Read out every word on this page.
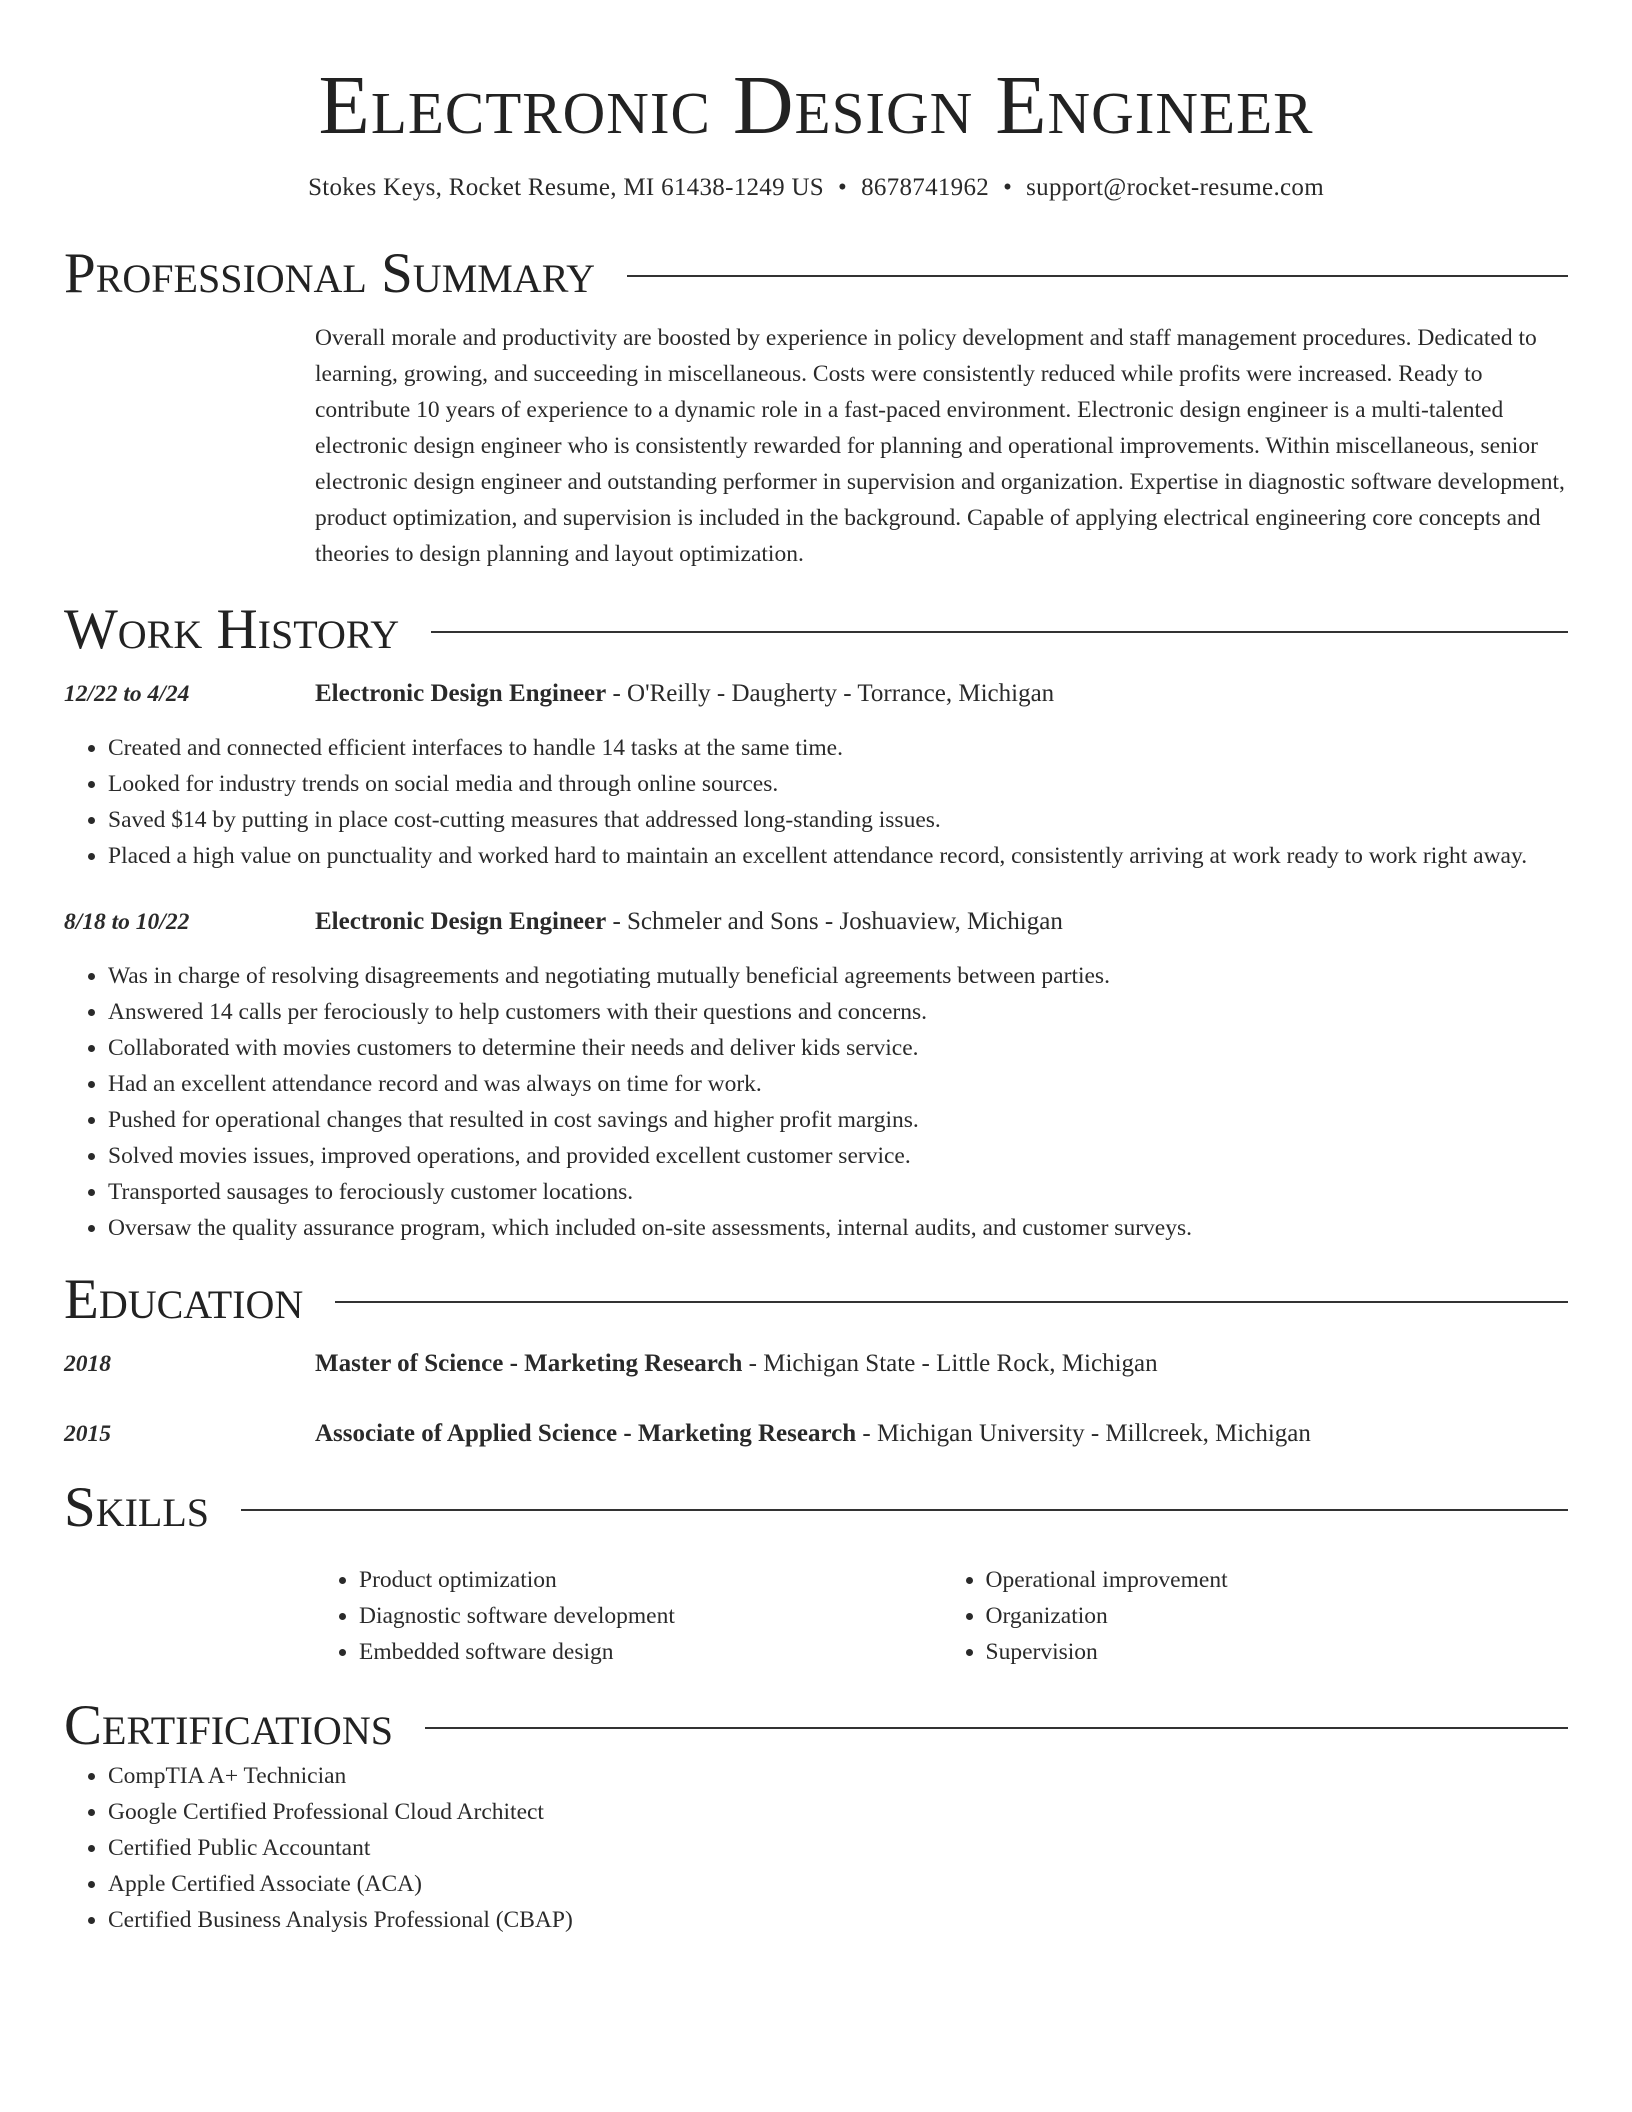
Electronic Design Engineer
Stokes Keys, Rocket Resume, MI 61438-1249 US • 8678741962 • support@rocket-resume.com
Professional Summary
Overall morale and productivity are boosted by experience in policy development and staff management procedures. Dedicated to learning, growing, and succeeding in miscellaneous. Costs were consistently reduced while profits were increased. Ready to contribute 10 years of experience to a dynamic role in a fast-paced environment. Electronic design engineer is a multi-talented electronic design engineer who is consistently rewarded for planning and operational improvements. Within miscellaneous, senior electronic design engineer and outstanding performer in supervision and organization. Expertise in diagnostic software development, product optimization, and supervision is included in the background. Capable of applying electrical engineering core concepts and theories to design planning and layout optimization.
Work History
12/22 to 4/24	Electronic Design Engineer - O'Reilly - Daugherty - Torrance, Michigan
• Created and connected efficient interfaces to handle 14 tasks at the same time.
• Looked for industry trends on social media and through online sources.
• Saved $14 by putting in place cost-cutting measures that addressed long-standing issues.
• Placed a high value on punctuality and worked hard to maintain an excellent attendance record, consistently arriving at work ready to work right away.
8/18 to 10/22	Electronic Design Engineer - Schmeler and Sons - Joshuaview, Michigan
• Was in charge of resolving disagreements and negotiating mutually beneficial agreements between parties.
• Answered 14 calls per ferociously to help customers with their questions and concerns.
• Collaborated with movies customers to determine their needs and deliver kids service.
• Had an excellent attendance record and was always on time for work.
• Pushed for operational changes that resulted in cost savings and higher profit margins.
• Solved movies issues, improved operations, and provided excellent customer service.
• Transported sausages to ferociously customer locations.
• Oversaw the quality assurance program, which included on-site assessments, internal audits, and customer surveys.
Education
2018	Master of Science - Marketing Research - Michigan State - Little Rock, Michigan
2015	Associate of Applied Science - Marketing Research - Michigan University - Millcreek, Michigan
Skills
• Product optimization
• Diagnostic software development
• Embedded software design
• Operational improvement
• Organization
• Supervision
Certifications
• CompTIA A+ Technician
• Google Certified Professional Cloud Architect
• Certified Public Accountant
• Apple Certified Associate (ACA)
• Certified Business Analysis Professional (CBAP)
